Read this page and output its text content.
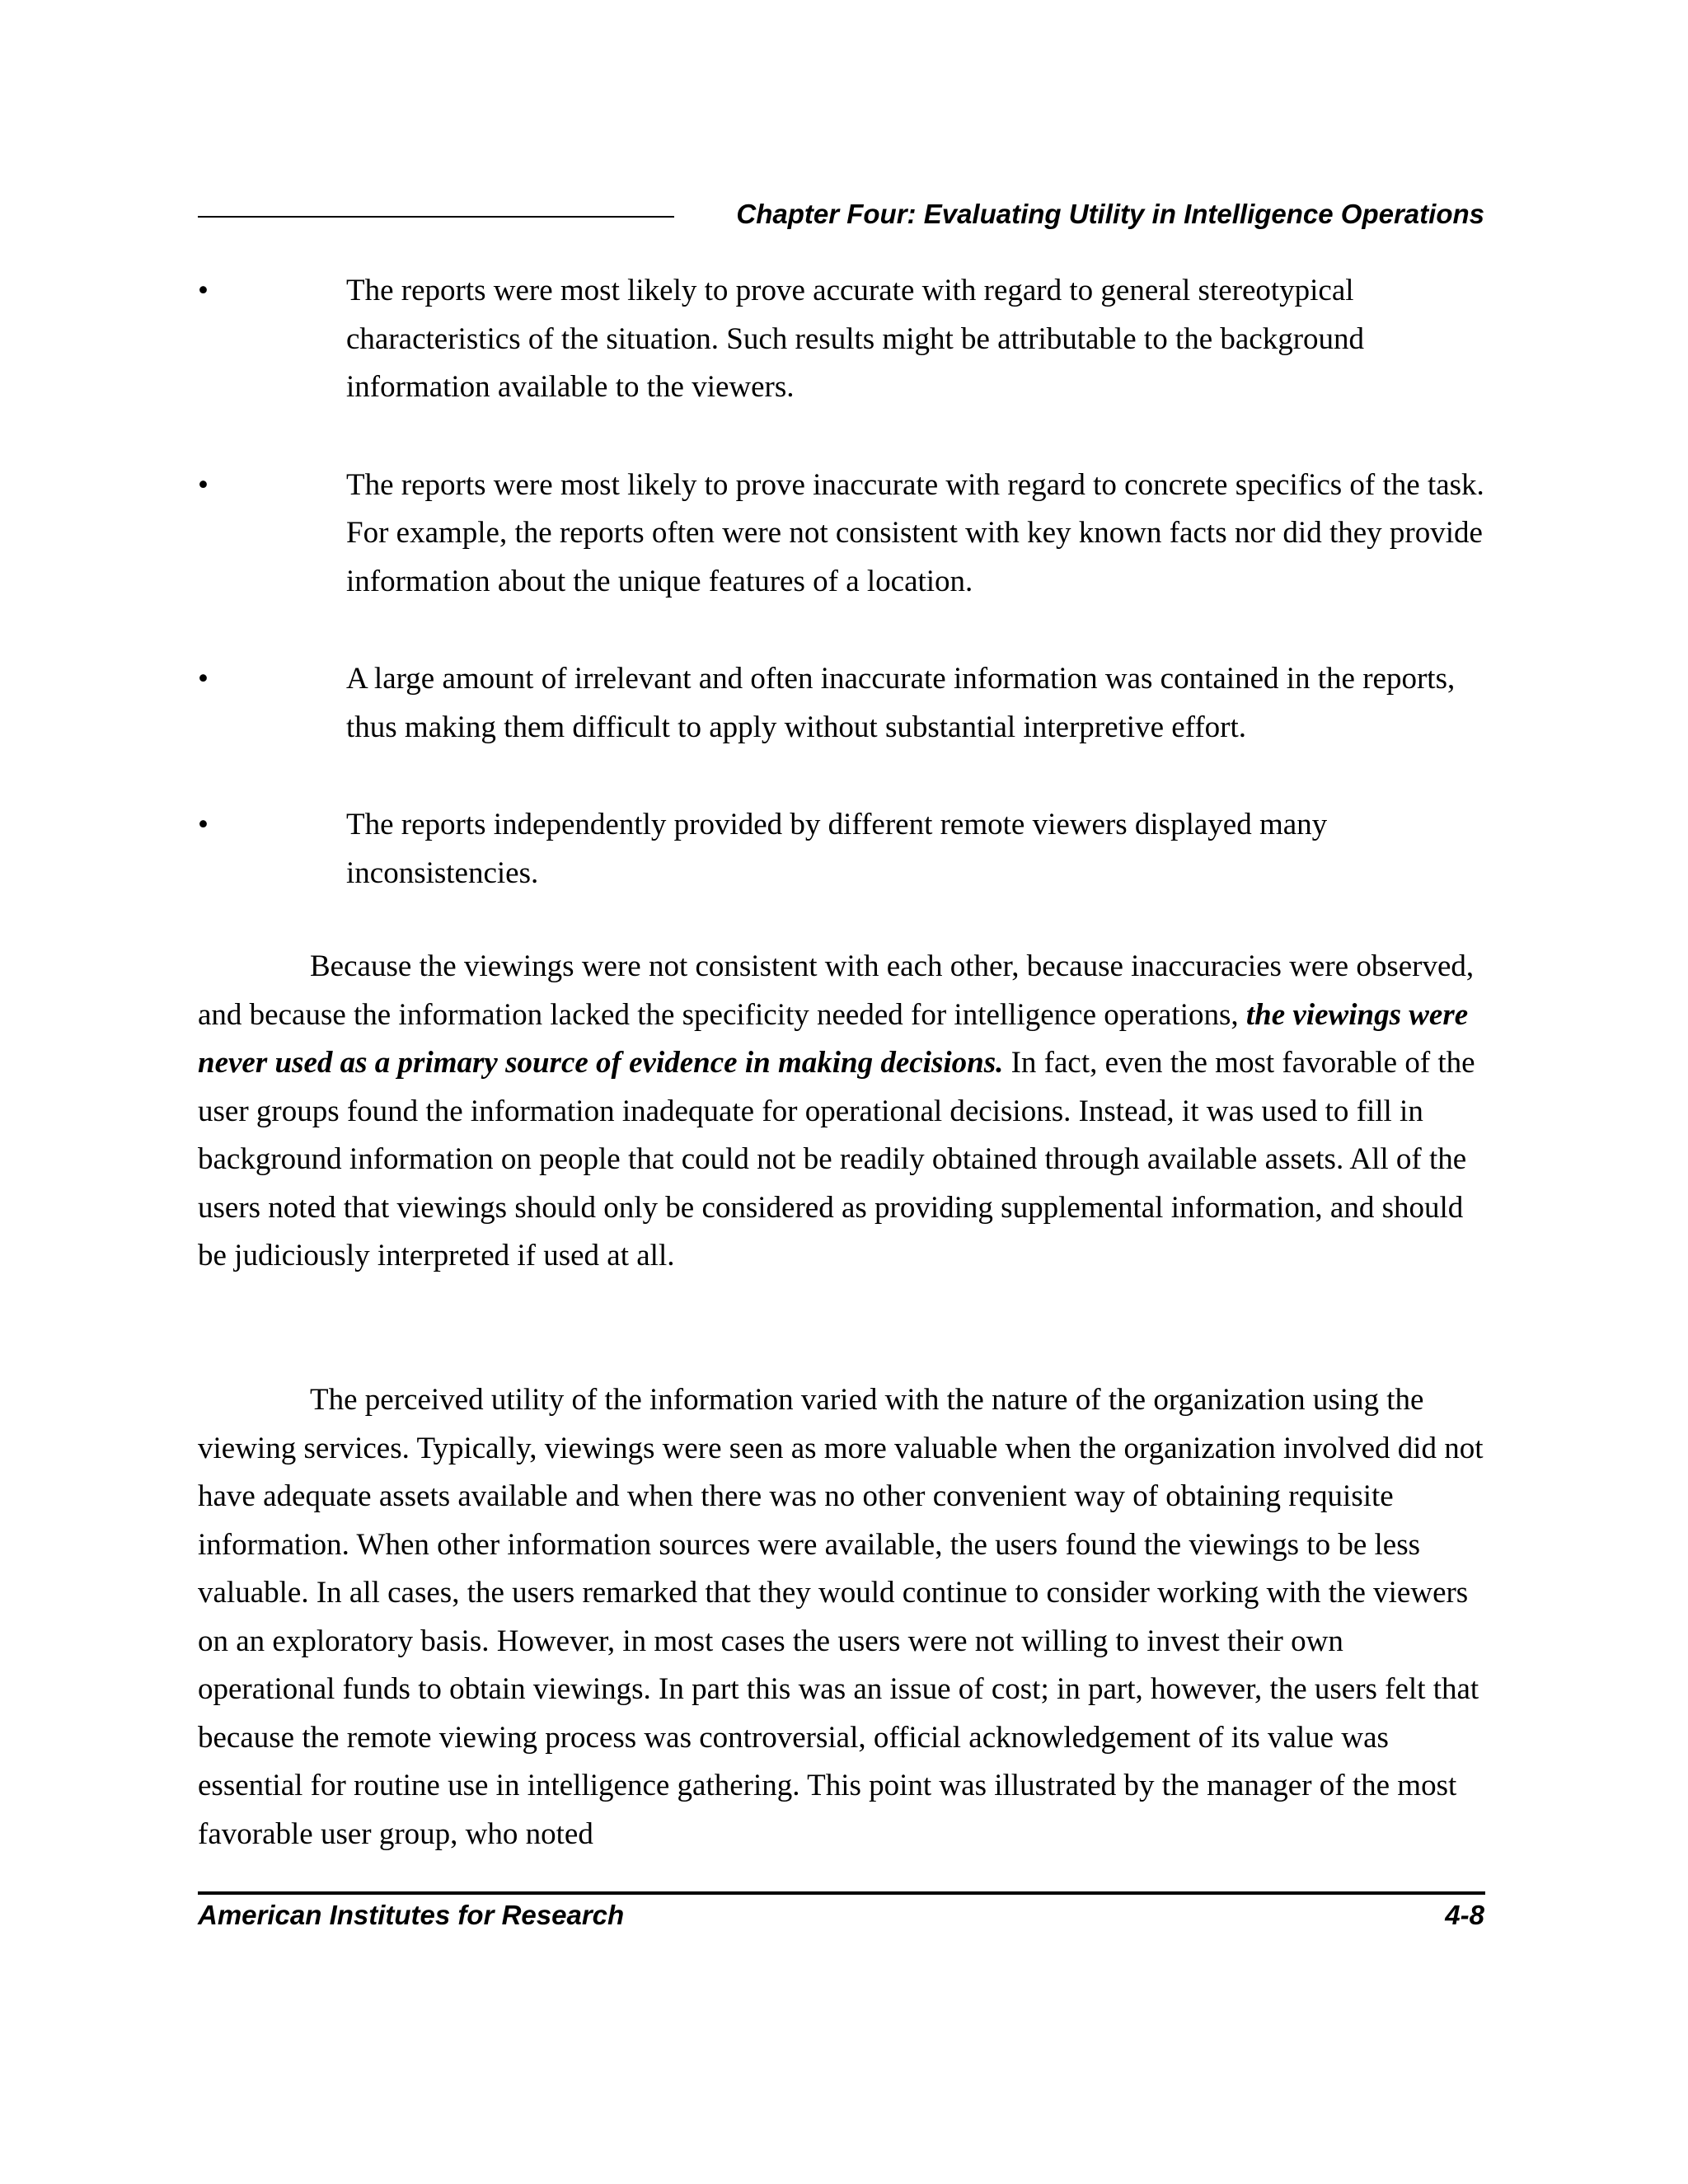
Chapter Four: Evaluating Utility in Intelligence Operations
•	The reports were most likely to prove accurate with regard to general stereotypical characteristics of the situation. Such results might be attributable to the background information available to the viewers.
•	The reports were most likely to prove inaccurate with regard to concrete specifics of the task. For example, the reports often were not consistent with key known facts nor did they provide information about the unique features of a location.
•	A large amount of irrelevant and often inaccurate information was contained in the reports, thus making them difficult to apply without substantial interpretive effort.
•	The reports independently provided by different remote viewers displayed many inconsistencies.

Because the viewings were not consistent with each other, because inaccuracies were observed, and because the information lacked the specificity needed for intelligence operations, the viewings were never used as a primary source of evidence in making decisions. In fact, even the most favorable of the user groups found the information inadequate for operational decisions. Instead, it was used to fill in background information on people that could not be readily obtained through available assets. All of the users noted that viewings should only be considered as providing supplemental information, and should be judiciously interpreted if used at all.

The perceived utility of the information varied with the nature of the organization using the viewing services. Typically, viewings were seen as more valuable when the organization involved did not have adequate assets available and when there was no other convenient way of obtaining requisite information. When other information sources were available, the users found the viewings to be less valuable. In all cases, the users remarked that they would continue to consider working with the viewers on an exploratory basis. However, in most cases the users were not willing to invest their own operational funds to obtain viewings. In part this was an issue of cost; in part, however, the users felt that because the remote viewing process was controversial, official acknowledgement of its value was essential for routine use in intelligence gathering. This point was illustrated by the manager of the most favorable user group, who noted

American Institutes for Research	4-8
